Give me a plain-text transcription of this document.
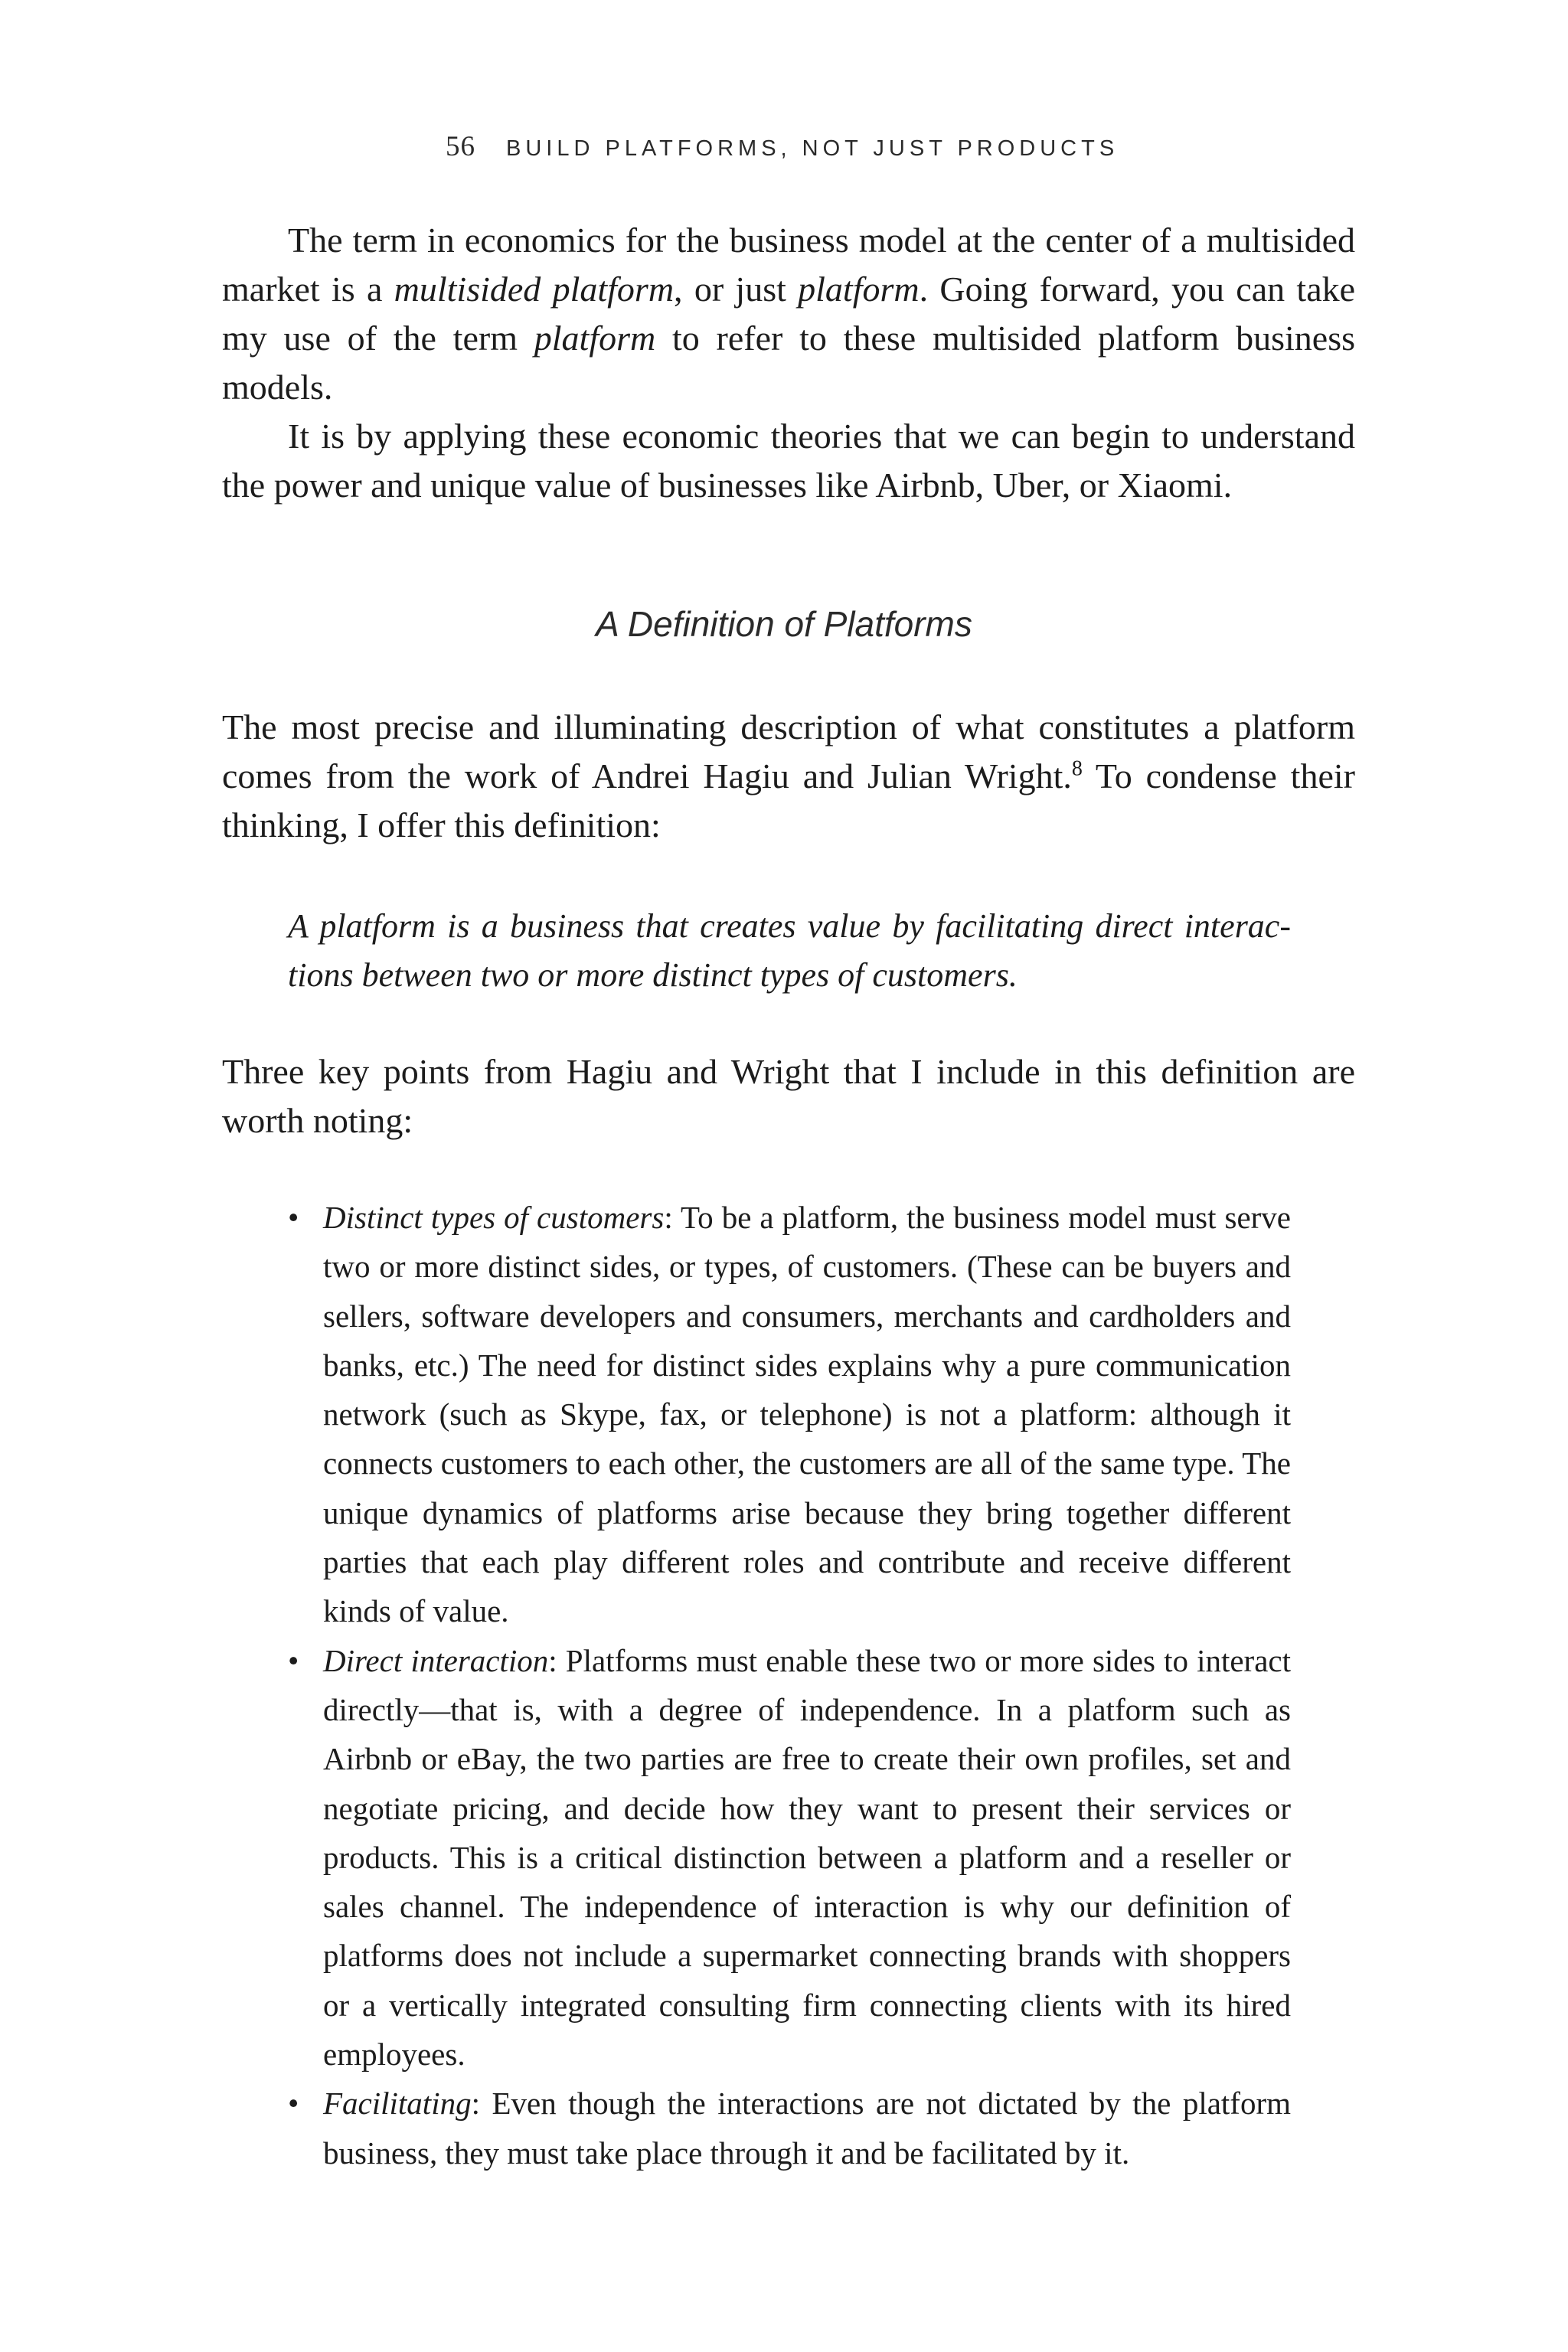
56 BUILD PLATFORMS, NOT JUST PRODUCTS

The term in economics for the business model at the center of a multisided market is a multisided platform, or just platform. Going forward, you can take my use of the term platform to refer to these multisided platform business models.

It is by applying these economic theories that we can begin to understand the power and unique value of businesses like Airbnb, Uber, or Xiaomi.

A Definition of Platforms

The most precise and illuminating description of what constitutes a platform comes from the work of Andrei Hagiu and Julian Wright.$^8$ To condense their thinking, I offer this definition:

A platform is a business that creates value by facilitating direct interactions between two or more distinct types of customers.

Three key points from Hagiu and Wright that I include in this definition are worth noting:

• Distinct types of customers: To be a platform, the business model must serve two or more distinct sides, or types, of customers. (These can be buyers and sellers, software developers and consumers, merchants and cardholders and banks, etc.) The need for distinct sides explains why a pure communication network (such as Skype, fax, or telephone) is not a platform: although it connects customers to each other, the customers are all of the same type. The unique dynamics of platforms arise because they bring together different parties that each play different roles and contribute and receive different kinds of value.
• Direct interaction: Platforms must enable these two or more sides to interact directly—that is, with a degree of independence. In a platform such as Airbnb or eBay, the two parties are free to create their own profiles, set and negotiate pricing, and decide how they want to present their services or products. This is a critical distinction between a platform and a reseller or sales channel. The independence of interaction is why our definition of platforms does not include a supermarket connecting brands with shoppers or a vertically integrated consulting firm connecting clients with its hired employees.
• Facilitating: Even though the interactions are not dictated by the platform business, they must take place through it and be facilitated by it.
